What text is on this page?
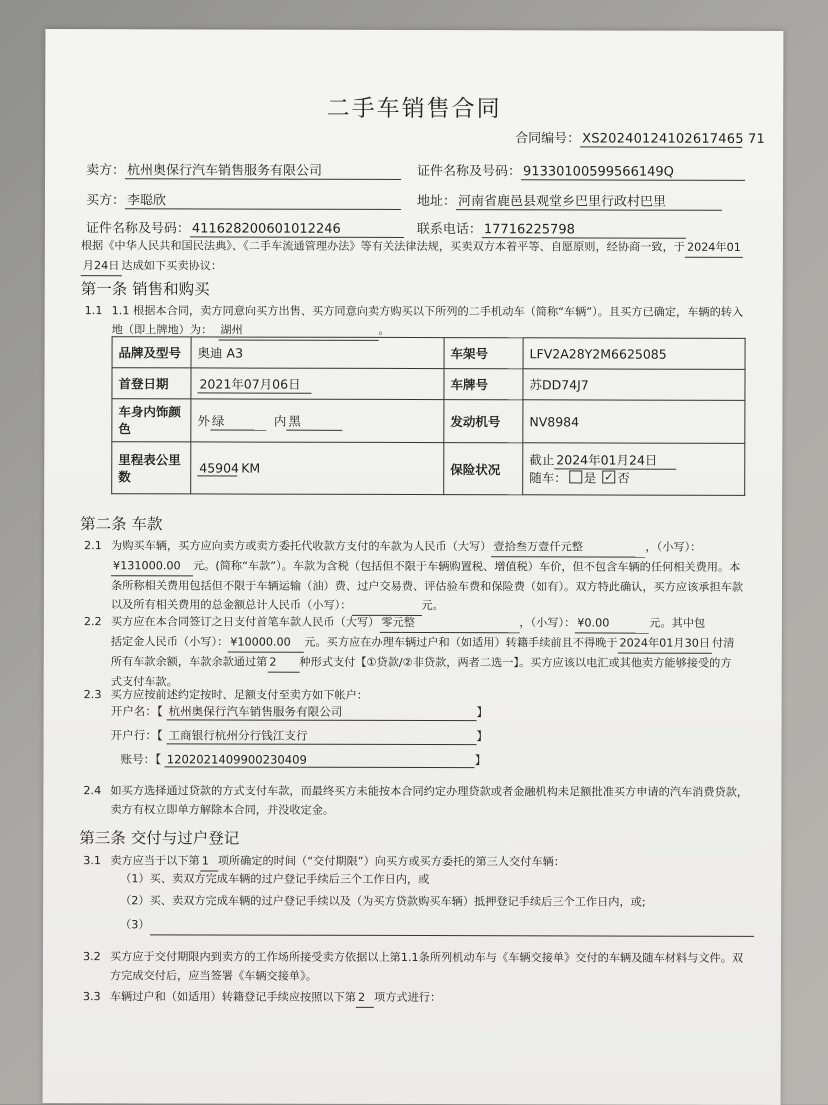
二手车销售合同
合同编号： XS20240124102617465 71
卖方： 杭州奥保行汽车销售服务有限公司	证件名称及号码： 91330100599566149Q
买方： 李聪欣	地址： 河南省鹿邑县观堂乡巴里行政村巴里
证件名称及号码： 411628200601012246	联系电话： 17716225798
根据《中华人民共和国民法典》、《二手车流通管理办法》等有关法律法规，买卖双方本着平等、自愿原则，经协商一致，于 2024年01
月24日 达成如下买卖协议：
第一条 销售和购买
1.1 1.1 根据本合同，卖方同意向买方出售、买方同意向卖方购买以下所列的二手机动车（简称“车辆”）。且买方已确定，车辆的转入
地（即上牌地）为： 湖州	。
品牌及型号	奥迪 A3	车架号	LFV2A28Y2M6625085
首登日期	2021年07月06日	车牌号	苏DD74J7
车身内饰颜色	外 绿 内 黑	发动机号	NV8984
里程表公里数	45904 KM	保险状况	截止 2024年01月24日
随车： 是 ✓ 否
第二条 车款
2.1 为购买车辆，买方应向卖方或卖方委托代收款方支付的车款为人民币（大写） 壹拾叁万壹仟元整	，（小写）：
¥131000.00 元。(简称“车款”）。车款为含税（包括但不限于车辆购置税、增值税）车价，但不包含车辆的任何相关费用。本
条所称相关费用包括但不限于车辆运输（油）费、过户交易费、评估验车费和保险费（如有）。双方特此确认，买方应该承担车款
以及所有相关费用的总金额总计人民币（小写）：	元。
2.2 买方应在本合同签订之日支付首笔车款人民币（大写） 零元整	，（小写）： ¥0.00	元。其中包
括定金人民币（小写）： ¥10000.00 元。买方应在办理车辆过户和（如适用）转籍手续前且不得晚于 2024年01月30日 付清
所有车款余额，车款余款通过第 2 种形式支付【①贷款/②非贷款，两者二选一】。买方应该以电汇或其他卖方能够接受的方
式支付车款。
2.3 买方应按前述约定按时、足额支付至卖方如下帐户：
开户名：【 杭州奥保行汽车销售服务有限公司	】
开户行：【 工商银行杭州分行钱江支行	】
账号：【 1202021409900230409	】
2.4 如买方选择通过贷款的方式支付车款，而最终买方未能按本合同约定办理贷款或者金融机构未足额批准买方申请的汽车消费贷款，
卖方有权立即单方解除本合同，并没收定金。
第三条 交付与过户登记
3.1 卖方应当于以下第 1 项所确定的时间（“交付期限”）向买方或买方委托的第三人交付车辆：
（1）买、卖双方完成车辆的过户登记手续后三个工作日内，或
（2）买、卖双方完成车辆的过户登记手续以及（为买方贷款购买车辆）抵押登记手续后三个工作日内，或;
（3）
3.2 买方应于交付期限内到卖方的工作场所接受卖方依据以上第1.1条所列机动车与《车辆交接单》交付的车辆及随车材料与文件。双
方完成交付后，应当签署《车辆交接单》。
3.3 车辆过户和（如适用）转籍登记手续应按照以下第 2 项方式进行：
